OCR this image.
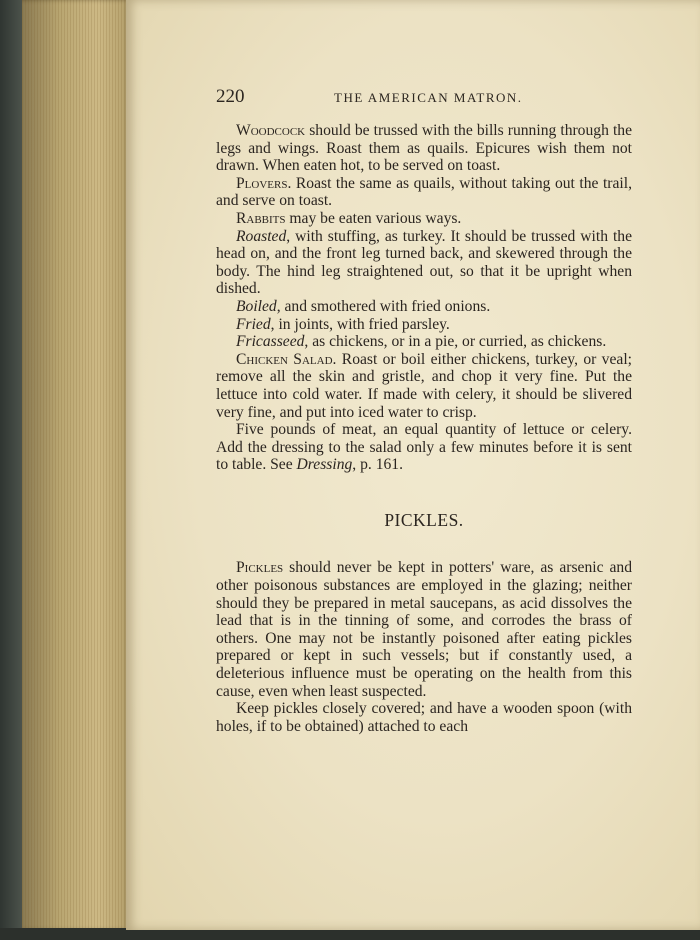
220	THE AMERICAN MATRON.

Woodcock should be trussed with the bills running through the legs and wings. Roast them as quails. Epicures wish them not drawn. When eaten hot, to be served on toast.

Plovers. Roast the same as quails, without taking out the trail, and serve on toast.

Rabbits may be eaten various ways.

Roasted, with stuffing, as turkey. It should be trussed with the head on, and the front leg turned back, and skewered through the body. The hind leg straightened out, so that it be upright when dished.

Boiled, and smothered with fried onions.

Fried, in joints, with fried parsley.

Fricasseed, as chickens, or in a pie, or curried, as chickens.

Chicken Salad. Roast or boil either chickens, turkey, or veal; remove all the skin and gristle, and chop it very fine. Put the lettuce into cold water. If made with celery, it should be slivered very fine, and put into iced water to crisp.

Five pounds of meat, an equal quantity of lettuce or celery. Add the dressing to the salad only a few minutes before it is sent to table. See Dressing, p. 161.

PICKLES.

Pickles should never be kept in potters' ware, as arsenic and other poisonous substances are employed in the glazing; neither should they be prepared in metal saucepans, as acid dissolves the lead that is in the tinning of some, and corrodes the brass of others. One may not be instantly poisoned after eating pickles prepared or kept in such vessels; but if constantly used, a deleterious influence must be operating on the health from this cause, even when least suspected.

Keep pickles closely covered; and have a wooden spoon (with holes, if to be obtained) attached to each
